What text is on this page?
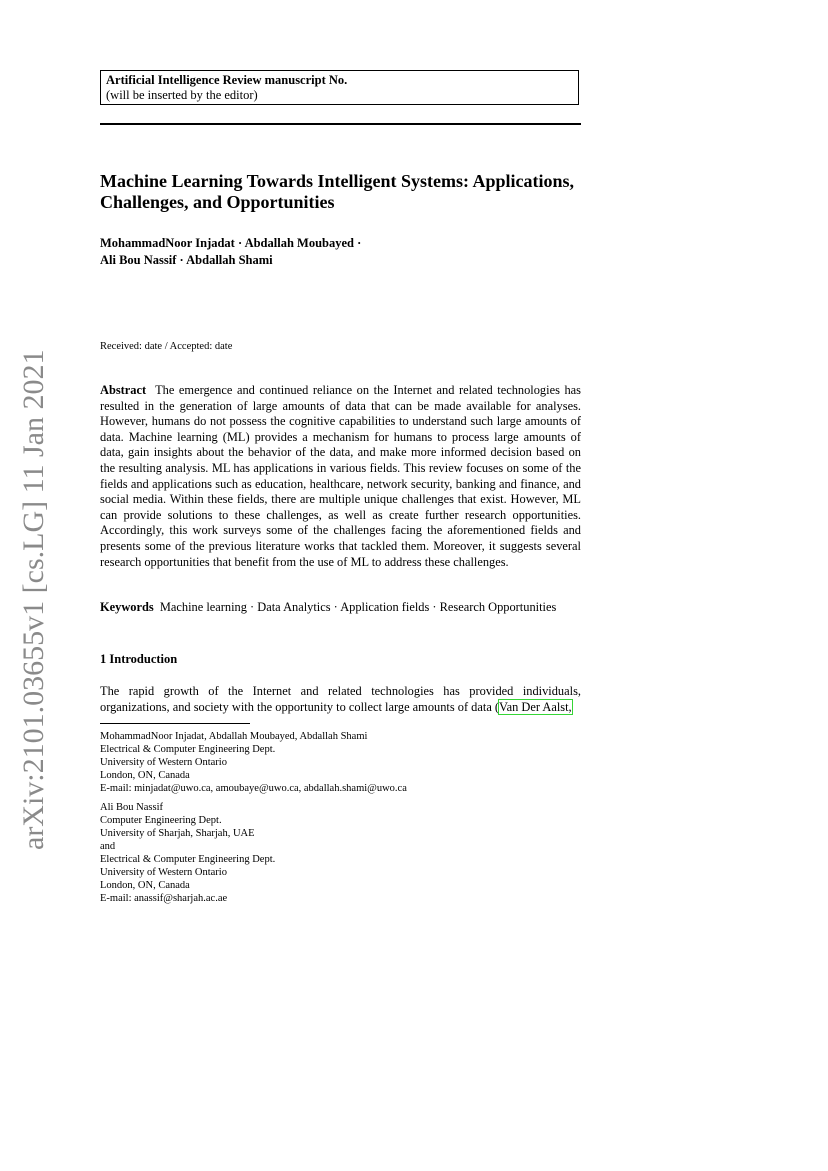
Artificial Intelligence Review manuscript No.
(will be inserted by the editor)
Machine Learning Towards Intelligent Systems: Applications, Challenges, and Opportunities
MohammadNoor Injadat · Abdallah Moubayed ·
Ali Bou Nassif · Abdallah Shami
Received: date / Accepted: date

Abstract The emergence and continued reliance on the Internet and related technologies has resulted in the generation of large amounts of data that can be made available for analyses. However, humans do not possess the cognitive capabilities to understand such large amounts of data. Machine learning (ML) provides a mechanism for humans to process large amounts of data, gain insights about the behavior of the data, and make more informed decision based on the resulting analysis. ML has applications in various fields. This review focuses on some of the fields and applications such as education, healthcare, network security, banking and finance, and social media. Within these fields, there are multiple unique challenges that exist. However, ML can provide solutions to these challenges, as well as create further research opportunities. Accordingly, this work surveys some of the challenges facing the aforementioned fields and presents some of the previous literature works that tackled them. Moreover, it suggests several research opportunities that benefit from the use of ML to address these challenges.

Keywords Machine learning · Data Analytics · Application fields · Research Opportunities
1 Introduction

The rapid growth of the Internet and related technologies has provided individuals, organizations, and society with the opportunity to collect large amounts of data (Van Der Aalst,

MohammadNoor Injadat, Abdallah Moubayed, Abdallah Shami
Electrical & Computer Engineering Dept.
University of Western Ontario
London, ON, Canada
E-mail: minjadat@uwo.ca, amoubaye@uwo.ca, abdallah.shami@uwo.ca
Ali Bou Nassif
Computer Engineering Dept.
University of Sharjah, Sharjah, UAE
and
Electrical & Computer Engineering Dept.
University of Western Ontario
London, ON, Canada
E-mail: anassif@sharjah.ac.ae
arXiv:2101.03655v1 [cs.LG] 11 Jan 2021
